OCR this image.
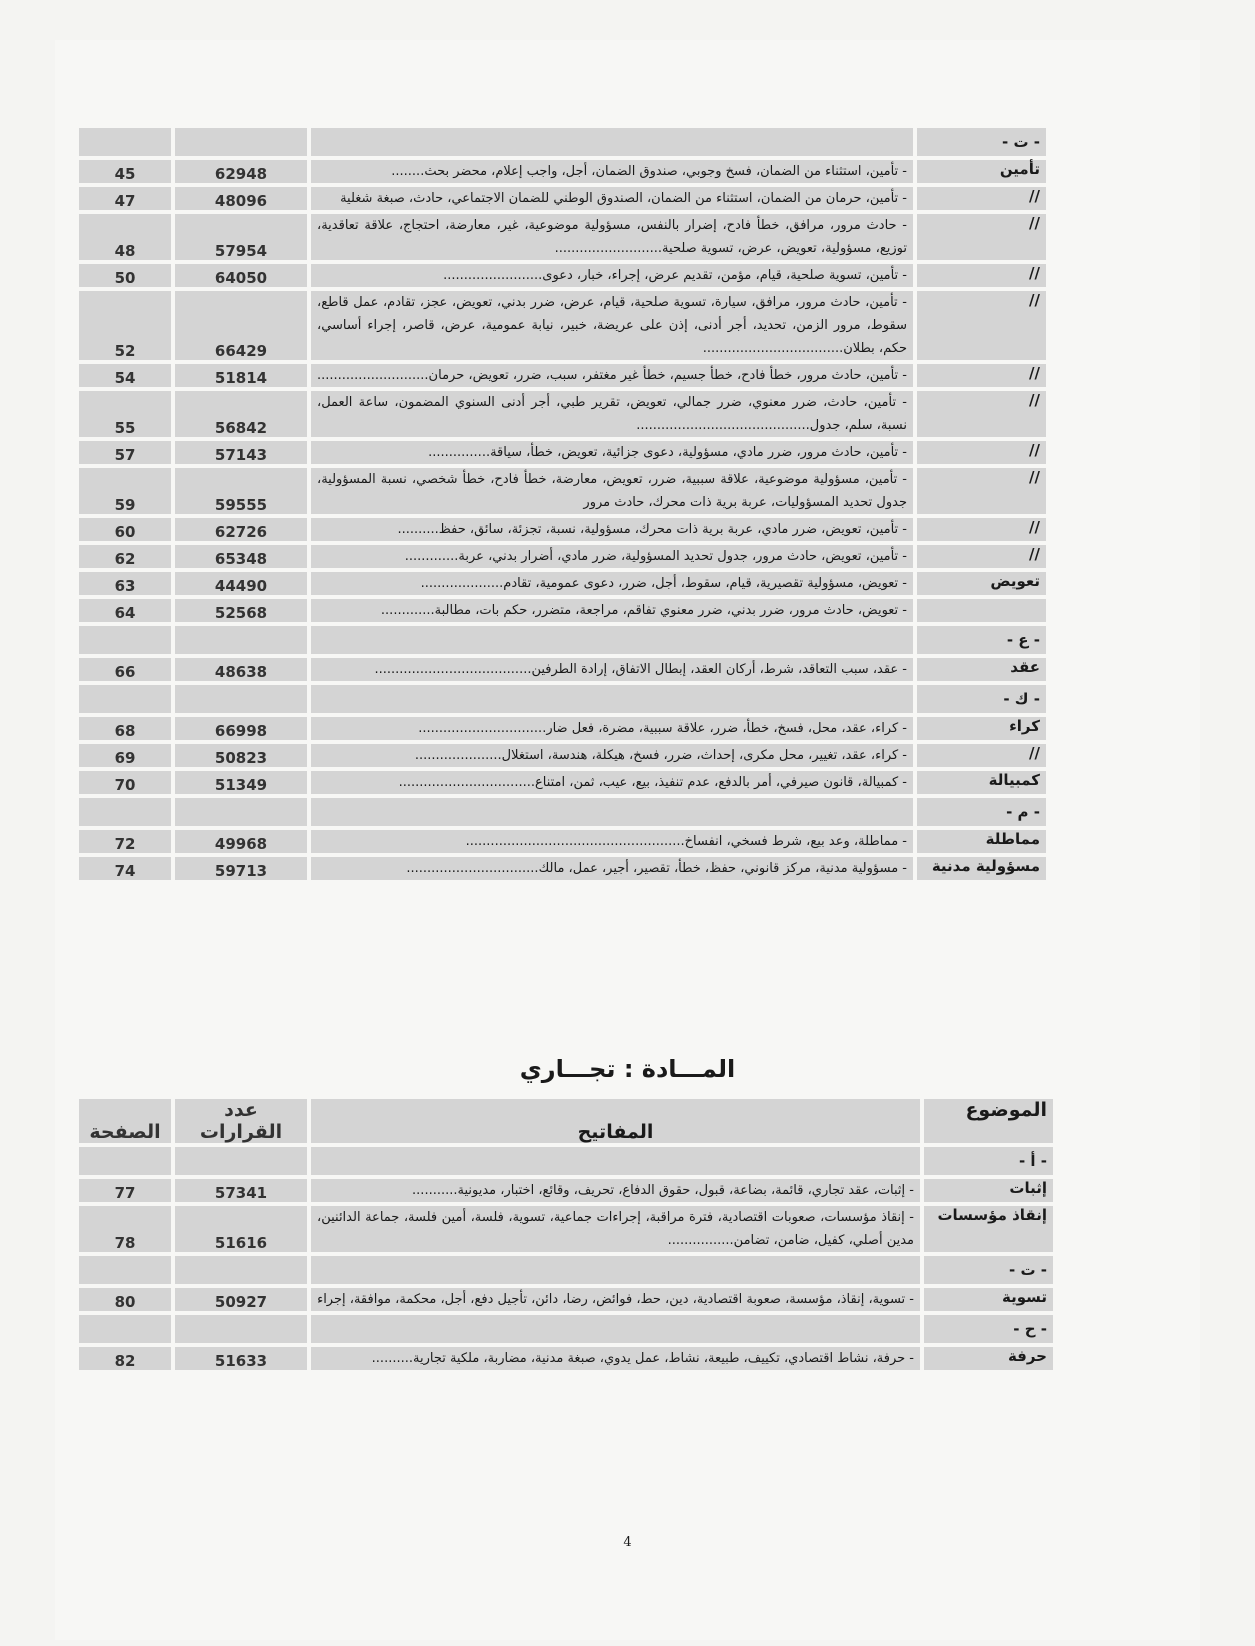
- ت -			
تأمين	- تأمين، استثناء من الضمان، فسخ وجوبي، صندوق الضمان، أجل، واجب إعلام، محضر بحث........	62948	45
//	- تأمين، حرمان من الضمان، استثناء من الضمان، الصندوق الوطني للضمان الاجتماعي، حادث، صبغة شغلية	48096	47
//	- حادث مرور، مرافق، خطأ فادح، إضرار بالنفس، مسؤولية موضوعية، غير، معارضة، احتجاج، علاقة تعاقدية، توزيع، مسؤولية، تعويض، عرض، تسوية صلحية..........................	57954	48
//	- تأمين، تسوية صلحية، قيام، مؤمن، تقديم عرض، إجراء، خبار، دعوى........................	64050	50
//	- تأمين، حادث مرور، مرافق، سيارة، تسوية صلحية، قيام، عرض، ضرر بدني، تعويض، عجز، تقادم، عمل قاطع، سقوط، مرور الزمن، تحديد، أجر أدنى، إذن على عريضة، خبير، نيابة عمومية، عرض، قاصر، إجراء أساسي، حكم، بطلان..................................	66429	52
//	- تأمين، حادث مرور، خطأ فادح، خطأ جسيم، خطأ غير مغتفر، سبب، ضرر، تعويض، حرمان...........................	51814	54
//	- تأمين، حادث، ضرر معنوي، ضرر جمالي، تعويض، تقرير طبي، أجر أدنى السنوي المضمون، ساعة العمل، نسبة، سلم، جدول..........................................	56842	55
//	- تأمين، حادث مرور، ضرر مادي، مسؤولية، دعوى جزائية، تعويض، خطأ، سياقة...............	57143	57
//	- تأمين، مسؤولية موضوعية، علاقة سببية، ضرر، تعويض، معارضة، خطأ فادح، خطأ شخصي، نسبة المسؤولية، جدول تحديد المسؤوليات، عربة برية ذات محرك، حادث مرور	59555	59
//	- تأمين، تعويض، ضرر مادي، عربة برية ذات محرك، مسؤولية، نسبة، تجزئة، سائق، حفظ..........	62726	60
//	- تأمين، تعويض، حادث مرور، جدول تحديد المسؤولية، ضرر مادي، أضرار بدني، عربة.............	65348	62
تعويض	- تعويض، مسؤولية تقصيرية، قيام، سقوط، أجل، ضرر، دعوى عمومية، تقادم....................	44490	63
	- تعويض، حادث مرور، ضرر بدني، ضرر معنوي تفاقم، مراجعة، متضرر، حكم بات، مطالبة.............	52568	64
- ع -			
عقد	- عقد، سبب التعاقد، شرط، أركان العقد، إبطال الاتفاق، إرادة الطرفين......................................	48638	66
- ك -			
كراء	- كراء، عقد، محل، فسخ، خطأ، ضرر، علاقة سببية، مضرة، فعل ضار...............................	66998	68
//	- كراء، عقد، تغيير، محل مكرى، إحداث، ضرر، فسخ، هيكلة، هندسة، استغلال.....................	50823	69
كمبيالة	- كمبيالة، قانون صيرفي، أمر بالدفع، عدم تنفيذ، بيع، عيب، ثمن، امتناع.................................	51349	70
- م -			
مماطلة	- مماطلة، وعد بيع، شرط فسخي، انفساخ.....................................................	49968	72
مسؤولية مدنية	- مسؤولية مدنية، مركز قانوني، حفظ، خطأ، تقصير، أجير، عمل، مالك................................	59713	74
المـــادة : تجـــاري
الموضوع	المفاتيح	عدد القرارات	الصفحة
- أ -			
إثبات	- إثبات، عقد تجاري، قائمة، بضاعة، قبول، حقوق الدفاع، تحريف، وقائع، اختبار، مديونية...........	57341	77
إنقاذ مؤسسات	- إنقاذ مؤسسات، صعوبات اقتصادية، فترة مراقبة، إجراءات جماعية، تسوية، فلسة، أمين فلسة، جماعة الدائنين، مدين أصلي، كفيل، ضامن، تضامن................	51616	78
- ت -			
تسوية	- تسوية، إنقاذ، مؤسسة، صعوبة اقتصادية، دين، حط، فوائض، رضا، دائن، تأجيل دفع، أجل، محكمة، موافقة، إجراء	50927	80
- ح -			
حرفة	- حرفة، نشاط اقتصادي، تكييف، طبيعة، نشاط، عمل يدوي، صبغة مدنية، مضاربة، ملكية تجارية..........	51633	82
4
